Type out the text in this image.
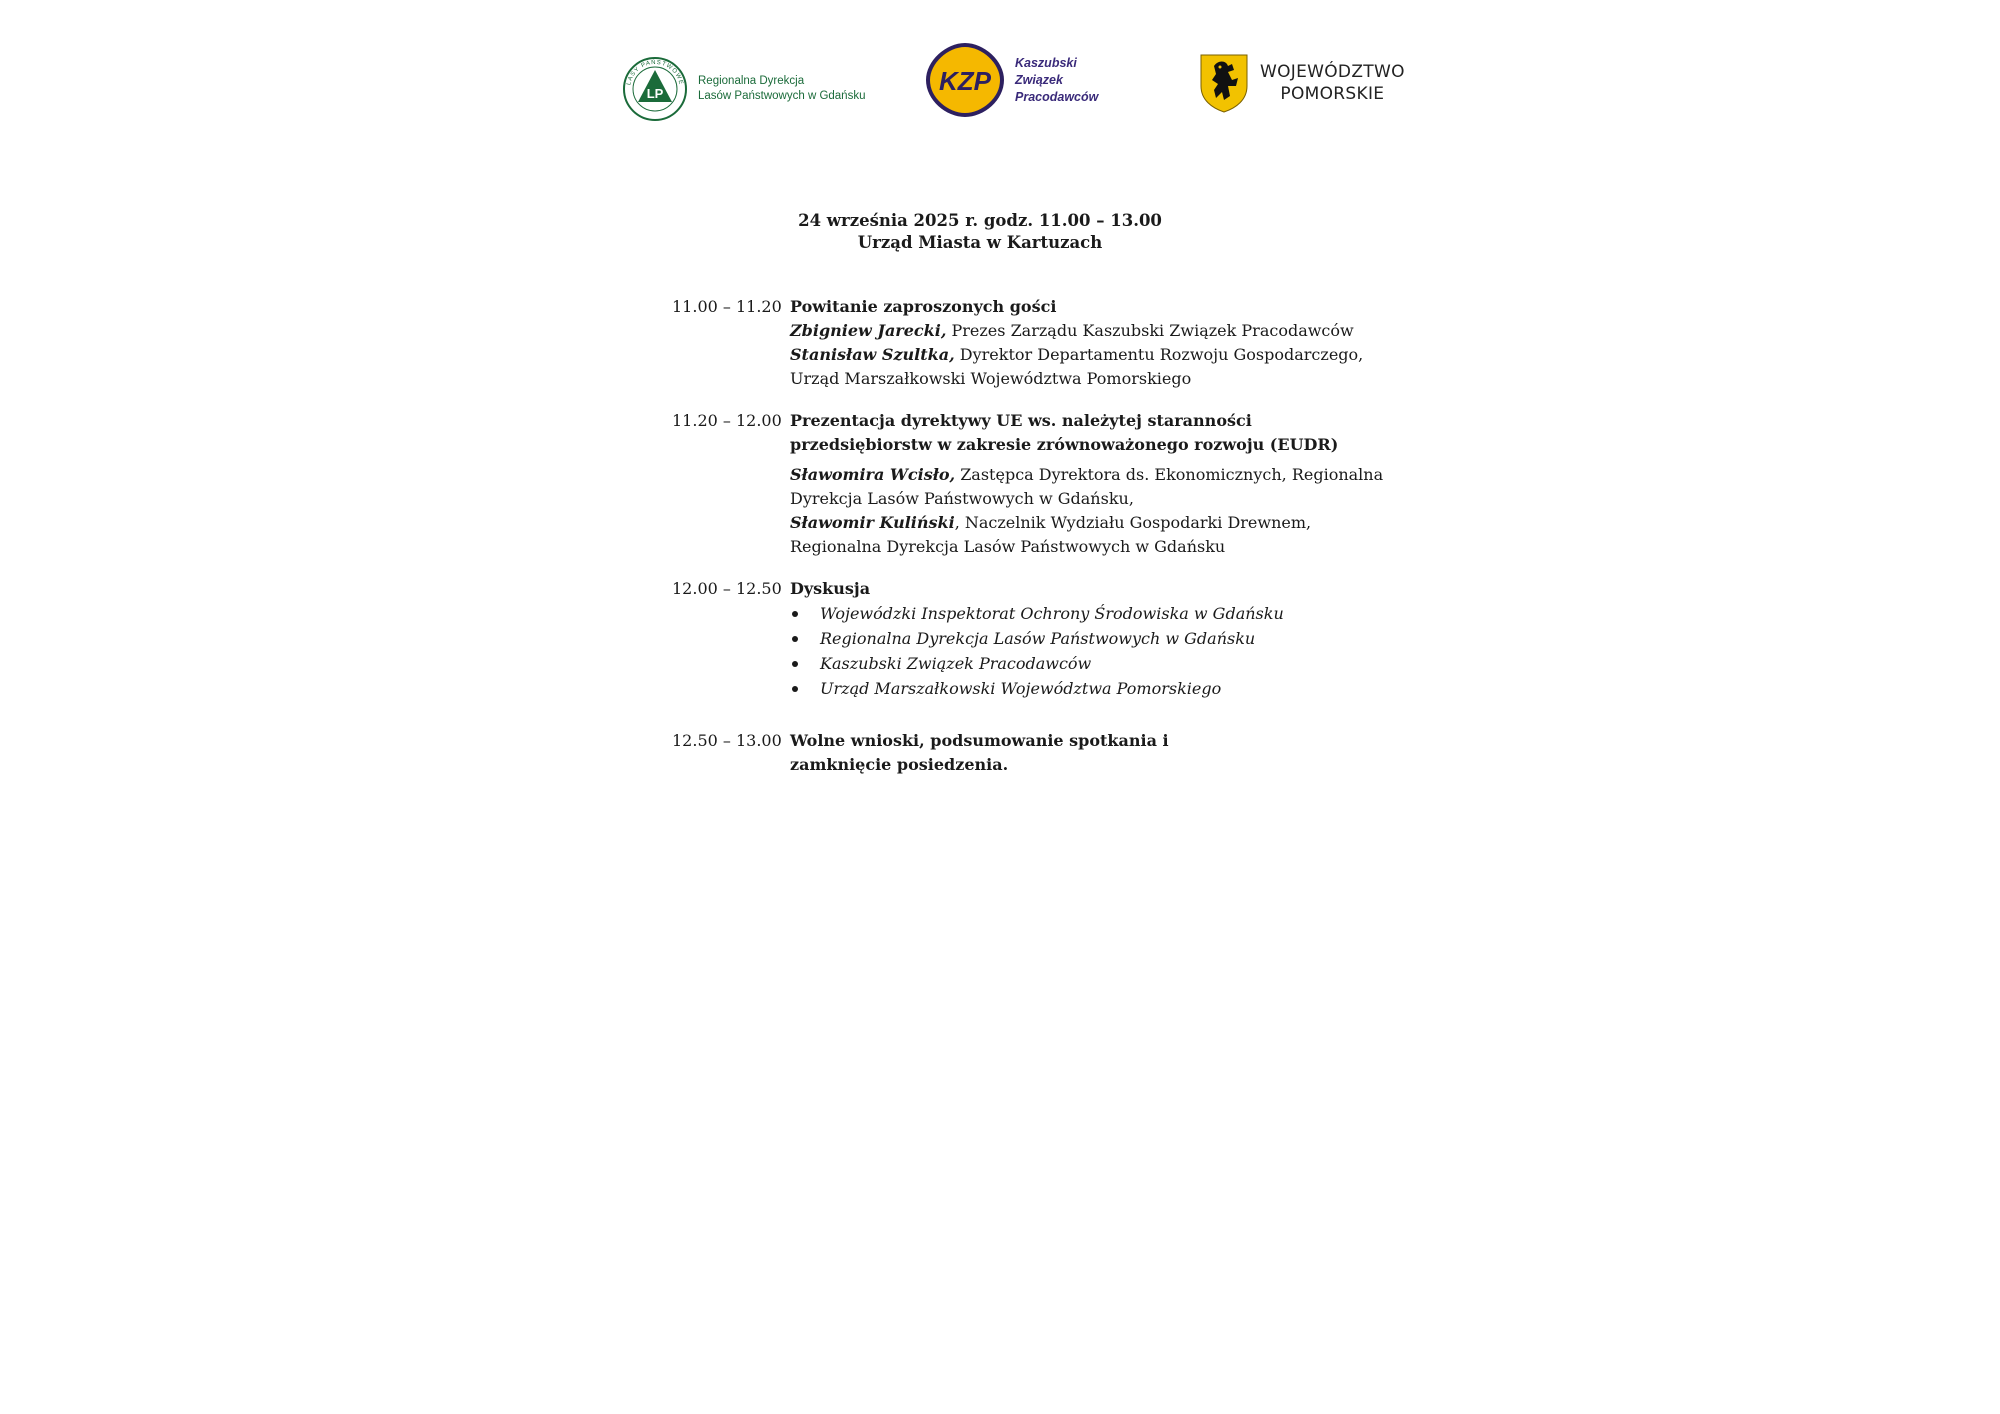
LP
LASY PAŃSTWOWE Regionalna Dyrekcja
Lasów Państwowych w Gdańsku	KZP
Kaszubski
Związek
Pracodawców
WOJEWÓDZTWO
POMORSKIE
24 września 2025 r. godz. 11.00 – 13.00
Urząd Miasta w Kartuzach
11.00 – 11.20 Powitanie zaproszonych gości
Zbigniew Jarecki, Prezes Zarządu Kaszubski Związek Pracodawców
Stanisław Szultka, Dyrektor Departamentu Rozwoju Gospodarczego, Urząd Marszałkowski Województwa Pomorskiego
11.20 – 12.00 Prezentacja dyrektywy UE ws. należytej staranności przedsiębiorstw w zakresie zrównoważonego rozwoju (EUDR)
Sławomira Wcisło, Zastępca Dyrektora ds. Ekonomicznych, Regionalna Dyrekcja Lasów Państwowych w Gdańsku,
Sławomir Kuliński, Naczelnik Wydziału Gospodarki Drewnem, Regionalna Dyrekcja Lasów Państwowych w Gdańsku
12.00 – 12.50 Dyskusja
Wojewódzki Inspektorat Ochrony Środowiska w Gdańsku
Regionalna Dyrekcja Lasów Państwowych w Gdańsku
Kaszubski Związek Pracodawców
Urząd Marszałkowski Województwa Pomorskiego
12.50 – 13.00 Wolne wnioski, podsumowanie spotkania i zamknięcie posiedzenia.
